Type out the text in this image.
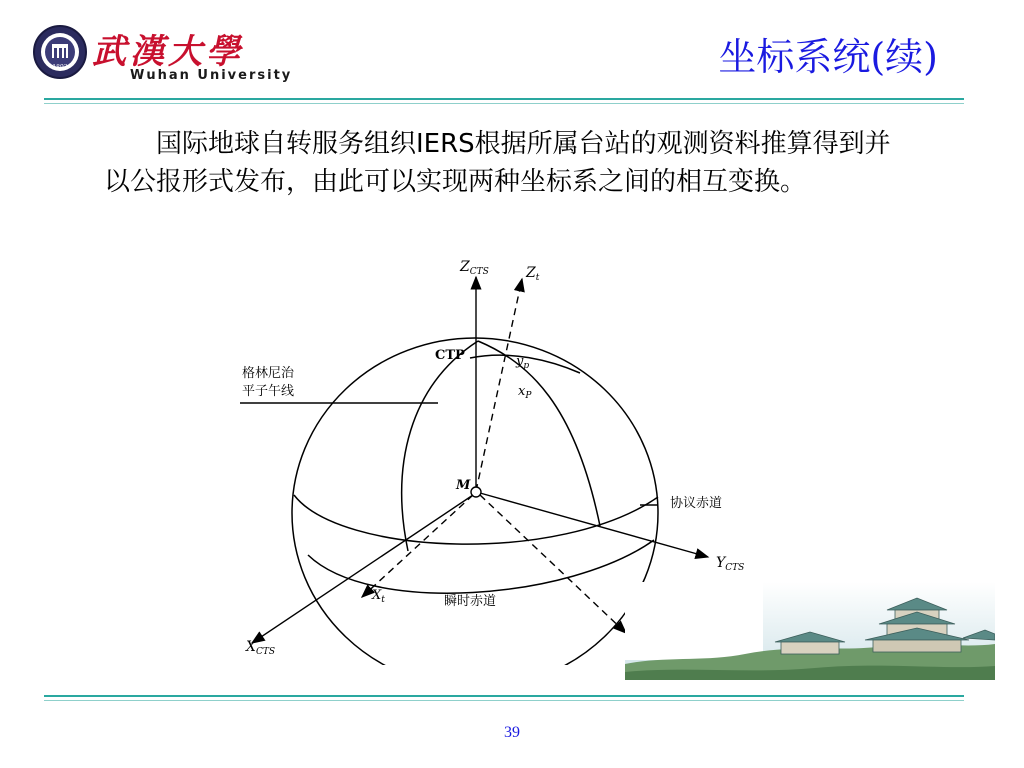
1893 武漢大學
Wuhan University	坐标系统(续)

国际地球自转服务组织IERS根据所属台站的观测资料推算得到并以公报形式发布，由此可以实现两种坐标系之间的相互变换。

$Z_{CTS}$	$Z_t$
CTP	$y_p$
$x_P$
格林尼治
平子午线
M
协议赤道
$Y_{CTS}$
$X_t$	瞬时赤道
$X_{CTS}$
39
